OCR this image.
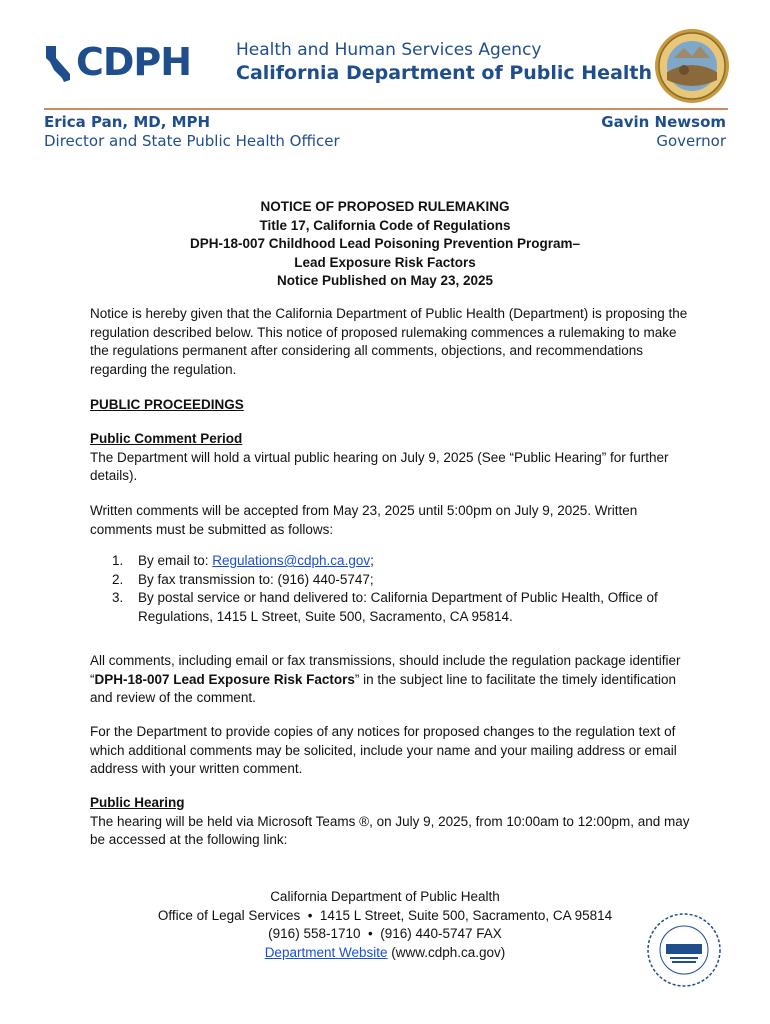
CDPH	Health and Human Services Agency
California Department of Public Health
Erica Pan, MD, MPH
Director and State Public Health Officer
Gavin Newsom
Governor
NOTICE OF PROPOSED RULEMAKING
Title 17, California Code of Regulations
DPH-18-007 Childhood Lead Poisoning Prevention Program–
Lead Exposure Risk Factors
Notice Published on May 23, 2025

Notice is hereby given that the California Department of Public Health (Department) is proposing the regulation described below. This notice of proposed rulemaking commences a rulemaking to make the regulations permanent after considering all comments, objections, and recommendations regarding the regulation.

PUBLIC PROCEEDINGS

Public Comment Period

The Department will hold a virtual public hearing on July 9, 2025 (See “Public Hearing” for further details).

Written comments will be accepted from May 23, 2025 until 5:00pm on July 9, 2025. Written comments must be submitted as follows:

1. By email to: Regulations@cdph.ca.gov;
2. By fax transmission to: (916) 440-5747;
3. By postal service or hand delivered to: California Department of Public Health, Office of Regulations, 1415 L Street, Suite 500, Sacramento, CA 95814.

All comments, including email or fax transmissions, should include the regulation package identifier “DPH-18-007 Lead Exposure Risk Factors” in the subject line to facilitate the timely identification and review of the comment.

For the Department to provide copies of any notices for proposed changes to the regulation text of which additional comments may be solicited, include your name and your mailing address or email address with your written comment.

Public Hearing

The hearing will be held via Microsoft Teams ®, on July 9, 2025, from 10:00am to 12:00pm, and may be accessed at the following link:

California Department of Public Health
Office of Legal Services  •  1415 L Street, Suite 500, Sacramento, CA 95814
(916) 558-1710  •  (916) 440-5747 FAX
Department Website (www.cdph.ca.gov)
